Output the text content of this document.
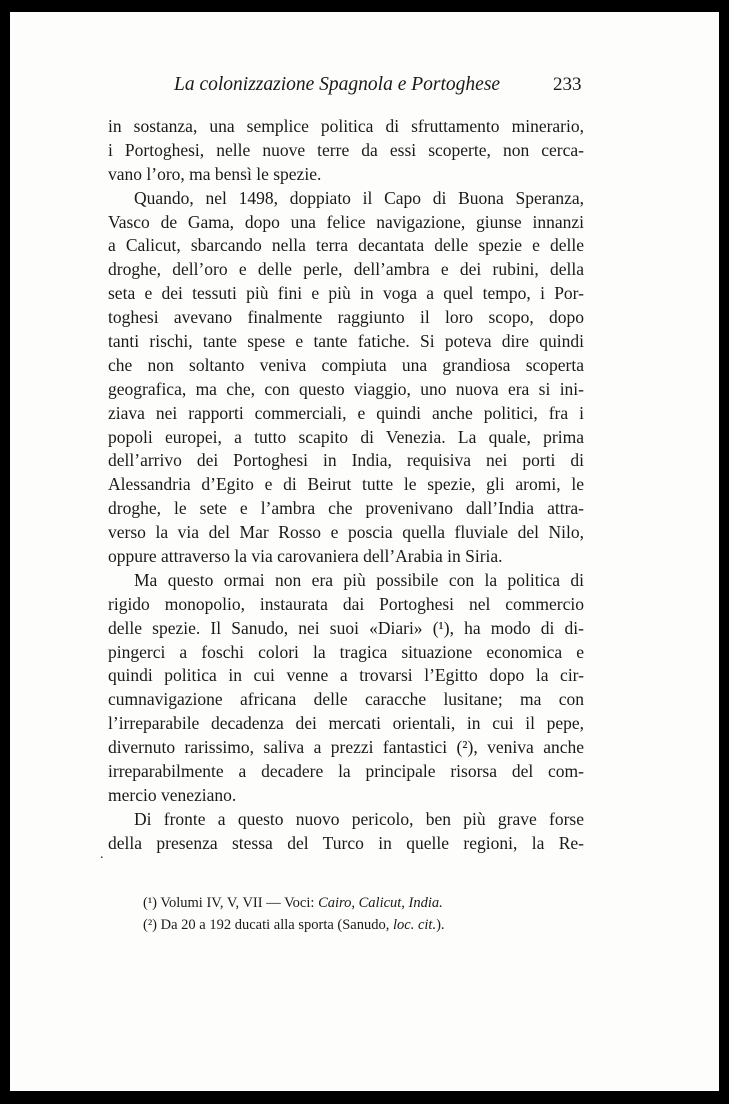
La colonizzazione Spagnola e Portoghese	233
in sostanza, una semplice politica di sfruttamento minerario,
i Portoghesi, nelle nuove terre da essi scoperte, non cerca-
vano l’oro, ma bensì le spezie.
Quando, nel 1498, doppiato il Capo di Buona Speranza,
Vasco de Gama, dopo una felice navigazione, giunse innanzi
a Calicut, sbarcando nella terra decantata delle spezie e delle
droghe, dell’oro e delle perle, dell’ambra e dei rubini, della
seta e dei tessuti più fini e più in voga a quel tempo, i Por-
toghesi avevano finalmente raggiunto il loro scopo, dopo
tanti rischi, tante spese e tante fatiche. Si poteva dire quindi
che non soltanto veniva compiuta una grandiosa scoperta
geografica, ma che, con questo viaggio, uno nuova era si ini-
ziava nei rapporti commerciali, e quindi anche politici, fra i
popoli europei, a tutto scapito di Venezia. La quale, prima
dell’arrivo dei Portoghesi in India, requisiva nei porti di
Alessandria d’Egito e di Beirut tutte le spezie, gli aromi, le
droghe, le sete e l’ambra che provenivano dall’India attra-
verso la via del Mar Rosso e poscia quella fluviale del Nilo,
oppure attraverso la via carovaniera dell’Arabia in Siria.
Ma questo ormai non era più possibile con la politica di
rigido monopolio, instaurata dai Portoghesi nel commercio
delle spezie. Il Sanudo, nei suoi «Diari» (¹), ha modo di di-
pingerci a foschi colori la tragica situazione economica e
quindi politica in cui venne a trovarsi l’Egitto dopo la cir-
cumnavigazione africana delle caracche lusitane; ma con
l’irreparabile decadenza dei mercati orientali, in cui il pepe,
divernuto rarissimo, saliva a prezzi fantastici (²), veniva anche
irreparabilmente a decadere la principale risorsa del com-
mercio veneziano.
Di fronte a questo nuovo pericolo, ben più grave forse
della presenza stessa del Turco in quelle regioni, la Re-
.
(¹) Volumi IV, V, VII — Voci: Cairo, Calicut, India.
(²) Da 20 a 192 ducati alla sporta (Sanudo, loc. cit.).
